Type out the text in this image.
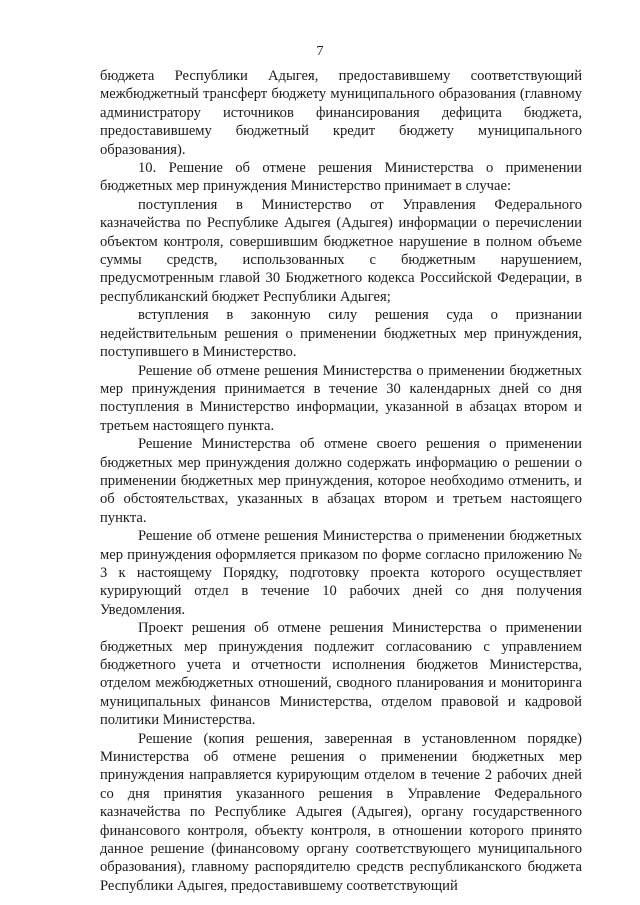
7

бюджета Республики Адыгея, предоставившему соответствующий межбюджетный трансферт бюджету муниципального образования (главному администратору источников финансирования дефицита бюджета, предоставившему бюджетный кредит бюджету муниципального образования).

10. Решение об отмене решения Министерства о применении бюджетных мер принуждения Министерство принимает в случае:

поступления в Министерство от Управления Федерального казначейства по Республике Адыгея (Адыгея) информации о перечислении объектом контроля, совершившим бюджетное нарушение в полном объеме суммы средств, использованных с бюджетным нарушением, предусмотренным главой 30 Бюджетного кодекса Российской Федерации, в республиканский бюджет Республики Адыгея;

вступления в законную силу решения суда о признании недействительным решения о применении бюджетных мер принуждения, поступившего в Министерство.

Решение об отмене решения Министерства о применении бюджетных мер принуждения принимается в течение 30 календарных дней со дня поступления в Министерство информации, указанной в абзацах втором и третьем настоящего пункта.

Решение Министерства об отмене своего решения о применении бюджетных мер принуждения должно содержать информацию о решении о применении бюджетных мер принуждения, которое необходимо отменить, и об обстоятельствах, указанных в абзацах втором и третьем настоящего пункта.

Решение об отмене решения Министерства о применении бюджетных мер принуждения оформляется приказом по форме согласно приложению № 3 к настоящему Порядку, подготовку проекта которого осуществляет курирующий отдел в течение 10 рабочих дней со дня получения Уведомления.

Проект решения об отмене решения Министерства о применении бюджетных мер принуждения подлежит согласованию с управлением бюджетного учета и отчетности исполнения бюджетов Министерства, отделом межбюджетных отношений, сводного планирования и мониторинга муниципальных финансов Министерства, отделом правовой и кадровой политики Министерства.

Решение (копия решения, заверенная в установленном порядке) Министерства об отмене решения о применении бюджетных мер принуждения направляется курирующим отделом в течение 2 рабочих дней со дня принятия указанного решения в Управление Федерального казначейства по Республике Адыгея (Адыгея), органу государственного финансового контроля, объекту контроля, в отношении которого принято данное решение (финансовому органу соответствующего муниципального образования), главному распорядителю средств республиканского бюджета Республики Адыгея, предоставившему соответствующий
